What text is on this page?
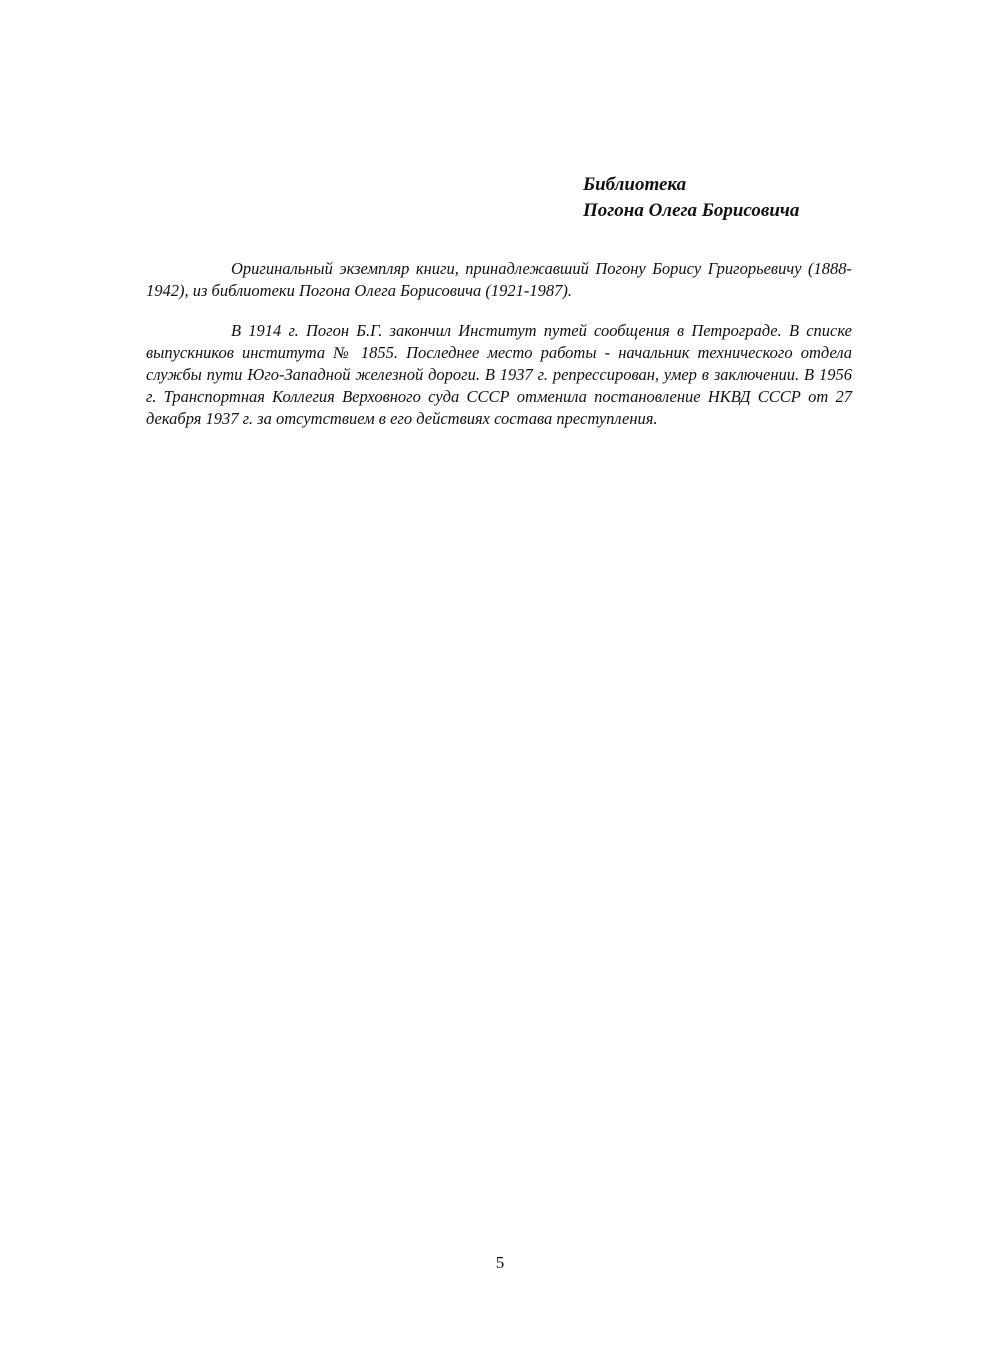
Библиотека
Погона Олега Борисовича

Оригинальный экземпляр книги, принадлежавший Погону Борису Григорьевичу (1888-1942), из библиотеки Погона Олега Борисовича (1921-1987).

В 1914 г. Погон Б.Г. закончил Институт путей сообщения в Петрограде. В списке выпускников института № 1855. Последнее место работы - начальник технического отдела службы пути Юго-Западной железной дороги. В 1937 г. репрессирован, умер в заключении. В 1956 г. Транспортная Коллегия Верховного суда СССР отменила постановление НКВД СССР от 27 декабря 1937 г. за отсутствием в его действиях состава преступления.

5
